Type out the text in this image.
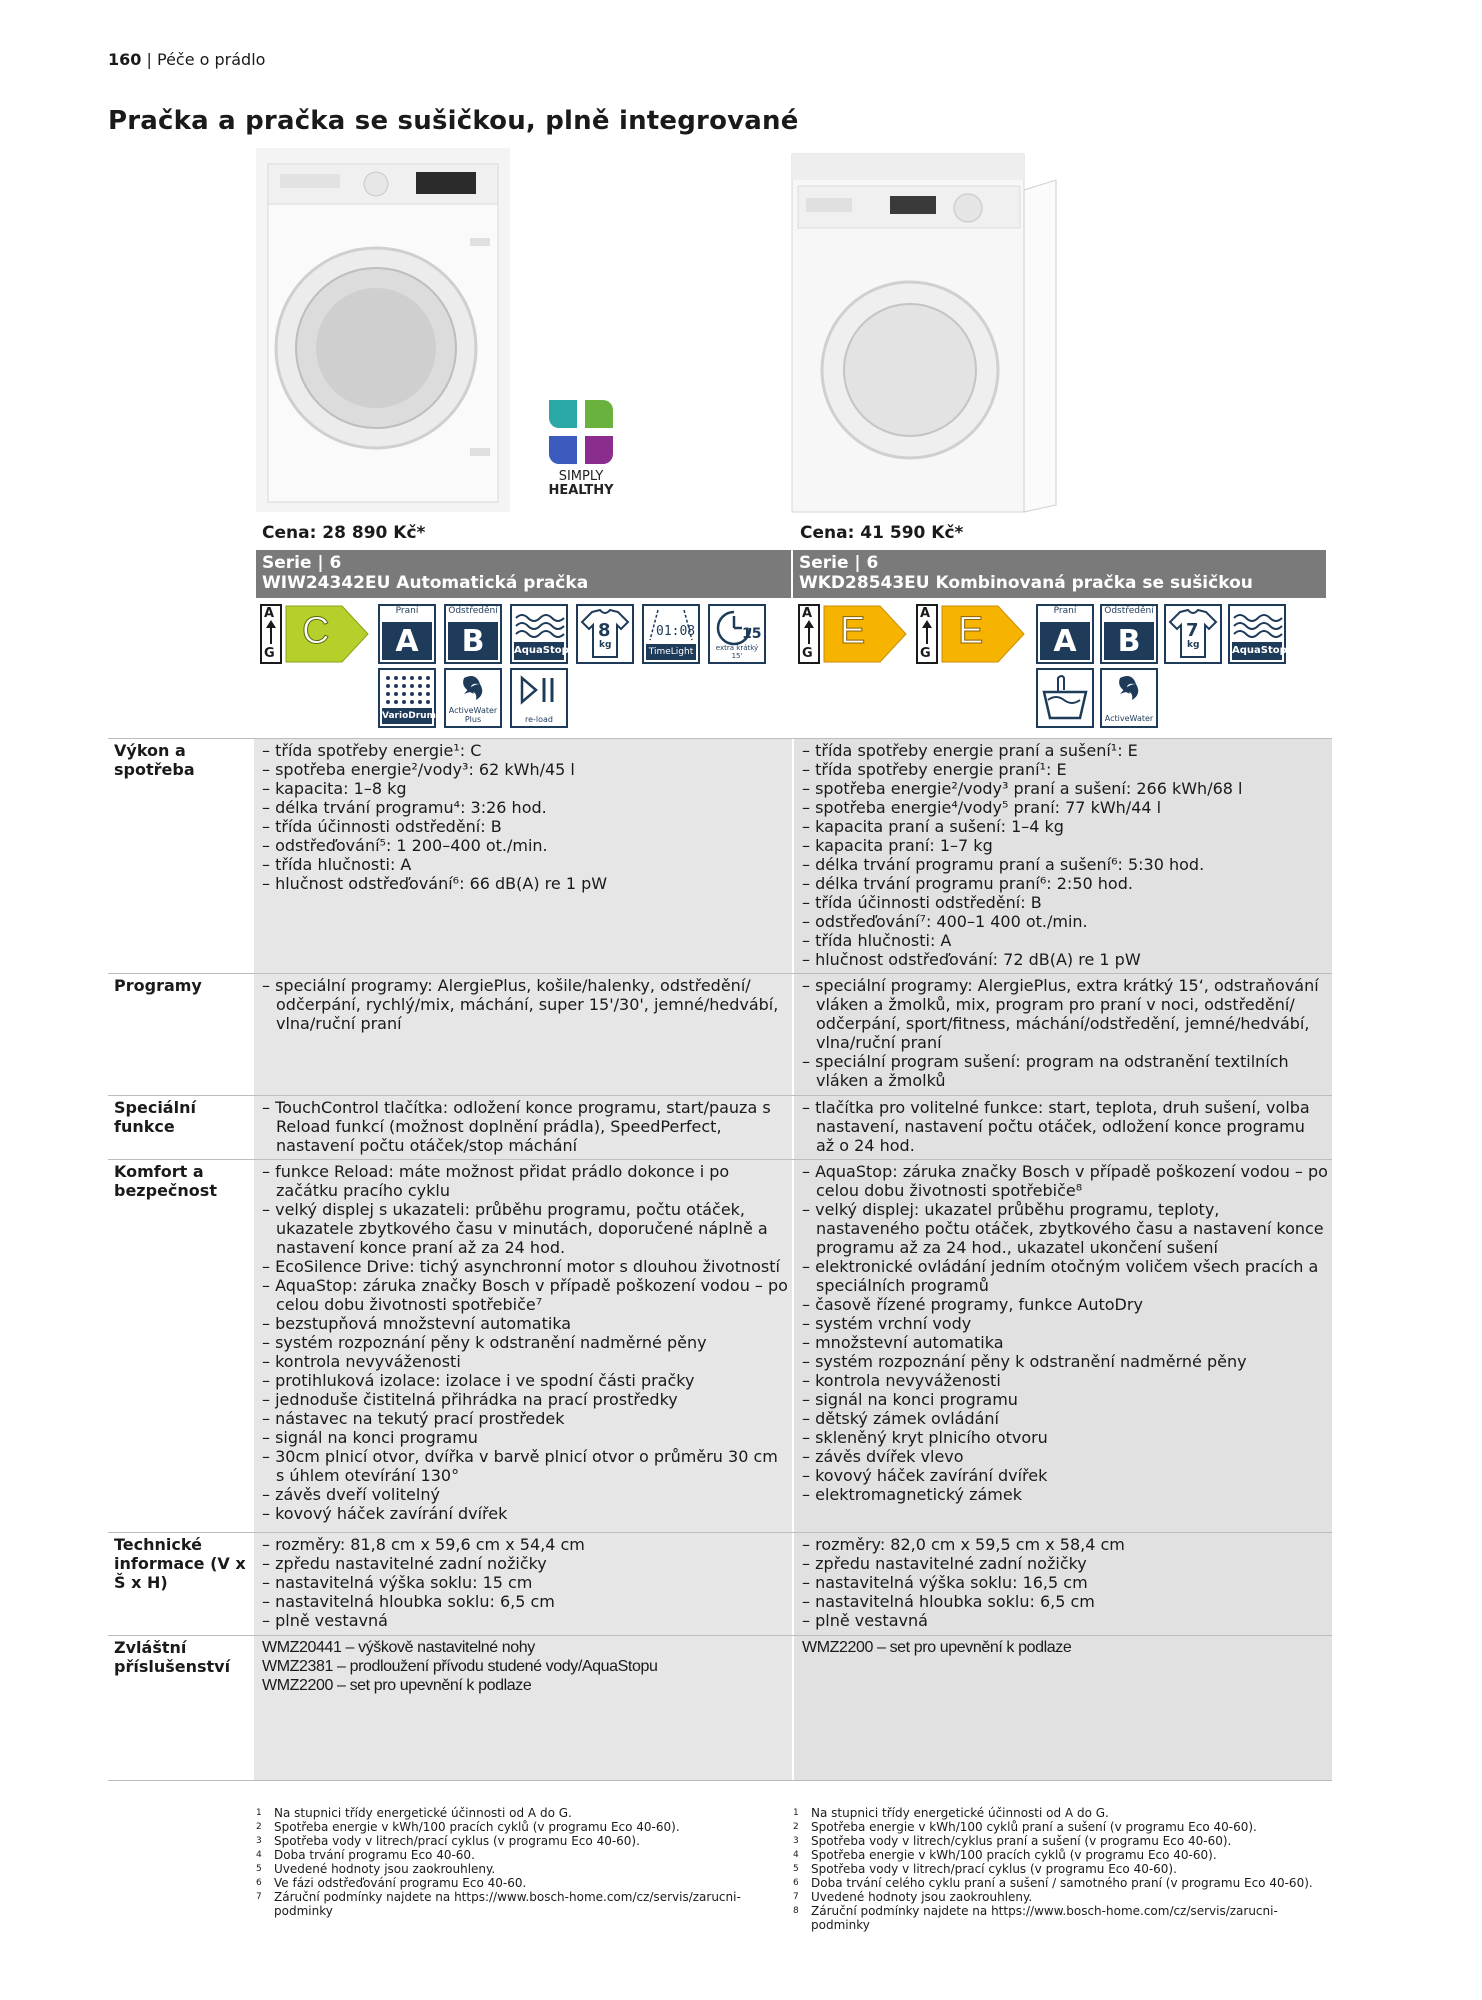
160 | Péče o prádlo
Pračka a pračka se sušičkou, plně integrované
SIMPLY
HEALTHY
Cena: 28 890 Kč*	Cena: 41 590 Kč*
Serie | 6
WIW24342EU Automatická pračka
Serie | 6
WKD28543EU Kombinovaná pračka se sušičkou
A
G
C	Praní
A
Odstředění
B	AquaStop
8
kg
01:08
TimeLight
15
extra krátký 15'
VarioDrum
ActiveWater Plus	re-load
A
G
E	A
G
E	Praní
A
Odstředění
B	7
kg	AquaStop
ActiveWater
Výkon a spotřeba
– třída spotřeby energie¹: C
– spotřeba energie²/vody³: 62 kWh/45 l
– kapacita: 1–8 kg
– délka trvání programu⁴: 3:26 hod.
– třída účinnosti odstředění: B
– odstřeďování⁵: 1 200–400 ot./min.
– třída hlučnosti: A
– hlučnost odstřeďování⁶: 66 dB(A) re 1 pW
– třída spotřeby energie praní a sušení¹: E
– třída spotřeby energie praní¹: E
– spotřeba energie²/vody³ praní a sušení: 266 kWh/68 l
– spotřeba energie⁴/vody⁵ praní: 77 kWh/44 l
– kapacita praní a sušení: 1–4 kg
– kapacita praní: 1–7 kg
– délka trvání programu praní a sušení⁶: 5:30 hod.
– délka trvání programu praní⁶: 2:50 hod.
– třída účinnosti odstředění: B
– odstřeďování⁷: 400–1 400 ot./min.
– třída hlučnosti: A
– hlučnost odstřeďování: 72 dB(A) re 1 pW
Programy
–	speciální programy: AlergiePlus, košile/halenky, odstředění/ odčerpání, rychlý/mix, máchání, super 15'/30', jemné/hedvábí, vlna/ruční praní
– speciální programy: AlergiePlus, extra krátký 15‘, odstraňování vláken a žmolků, mix, program pro praní v noci, odstředění/ odčerpání, sport/fitness, máchání/odstředění, jemné/hedvábí, vlna/ruční praní
– speciální program sušení: program na odstranění textilních vláken a žmolků
Speciální funkce
– TouchControl tlačítka: odložení konce programu, start/pauza s Reload funkcí (možnost doplnění prádla), SpeedPerfect, nastavení počtu otáček/stop máchání
– tlačítka pro volitelné funkce: start, teplota, druh sušení, volba nastavení, nastavení počtu otáček, odložení konce programu až o 24 hod.
Komfort a bezpečnost
– funkce Reload: máte možnost přidat prádlo dokonce i po začátku pracího cyklu
– velký displej s ukazateli: průběhu programu, počtu otáček, ukazatele zbytkového času v minutách, doporučené náplně a nastavení konce praní až za 24 hod.
– EcoSilence Drive: tichý asynchronní motor s dlouhou životností
– AquaStop: záruka značky Bosch v případě poškození vodou – po celou dobu životnosti spotřebiče⁷
– bezstupňová množstevní automatika
– systém rozpoznání pěny k odstranění nadměrné pěny
– kontrola nevyváženosti
– protihluková izolace: izolace i ve spodní části pračky
– jednoduše čistitelná přihrádka na prací prostředky
– nástavec na tekutý prací prostředek
– signál na konci programu
– 30cm plnicí otvor, dvířka v barvě plnicí otvor o průměru 30 cm s úhlem otevírání 130°
– závěs dveří volitelný
– kovový háček zavírání dvířek
– AquaStop: záruka značky Bosch v případě poškození vodou – po celou dobu životnosti spotřebiče⁸
– velký displej: ukazatel průběhu programu, teploty, nastaveného počtu otáček, zbytkového času a nastavení konce programu až za 24 hod., ukazatel ukončení sušení
– elektronické ovládání jedním otočným voličem všech pracích a speciálních programů
– časově řízené programy, funkce AutoDry
– systém vrchní vody
– množstevní automatika
– systém rozpoznání pěny k odstranění nadměrné pěny
– kontrola nevyváženosti
– signál na konci programu
– dětský zámek ovládání
– skleněný kryt plnicího otvoru
– závěs dvířek vlevo
– kovový háček zavírání dvířek
– elektromagnetický zámek
Technické informace (V x Š x H)
– rozměry: 81,8 cm x 59,6 cm x 54,4 cm
– zpředu nastavitelné zadní nožičky
– nastavitelná výška soklu: 15 cm
– nastavitelná hloubka soklu: 6,5 cm
– plně vestavná
– rozměry: 82,0 cm x 59,5 cm x 58,4 cm
– zpředu nastavitelné zadní nožičky
– nastavitelná výška soklu: 16,5 cm
– nastavitelná hloubka soklu: 6,5 cm
– plně vestavná
Zvláštní příslušenství
WMZ20441 – výškově nastavitelné nohy
WMZ2381 – prodloužení přívodu studené vody/AquaStopu
WMZ2200 – set pro upevnění k podlaze
WMZ2200 – set pro upevnění k podlaze
1 Na stupnici třídy energetické účinnosti od A do G.
2 Spotřeba energie v kWh/100 pracích cyklů (v programu Eco 40-60).
3 Spotřeba vody v litrech/prací cyklus (v programu Eco 40-60).
4 Doba trvání programu Eco 40-60.
5 Uvedené hodnoty jsou zaokrouhleny.
6 Ve fázi odstřeďování programu Eco 40-60.
7 Záruční podmínky najdete na https://www.bosch-home.com/cz/servis/zarucni-podminky
1 Na stupnici třídy energetické účinnosti od A do G.
2 Spotřeba energie v kWh/100 cyklů praní a sušení (v programu Eco 40-60).
3 Spotřeba vody v litrech/cyklus praní a sušení (v programu Eco 40-60).
4 Spotřeba energie v kWh/100 pracích cyklů (v programu Eco 40-60).
5 Spotřeba vody v litrech/prací cyklus (v programu Eco 40-60).
6 Doba trvání celého cyklu praní a sušení / samotného praní (v programu Eco 40-60).
7 Uvedené hodnoty jsou zaokrouhleny.
8 Záruční podmínky najdete na https://www.bosch-home.com/cz/servis/zarucni-podminky
